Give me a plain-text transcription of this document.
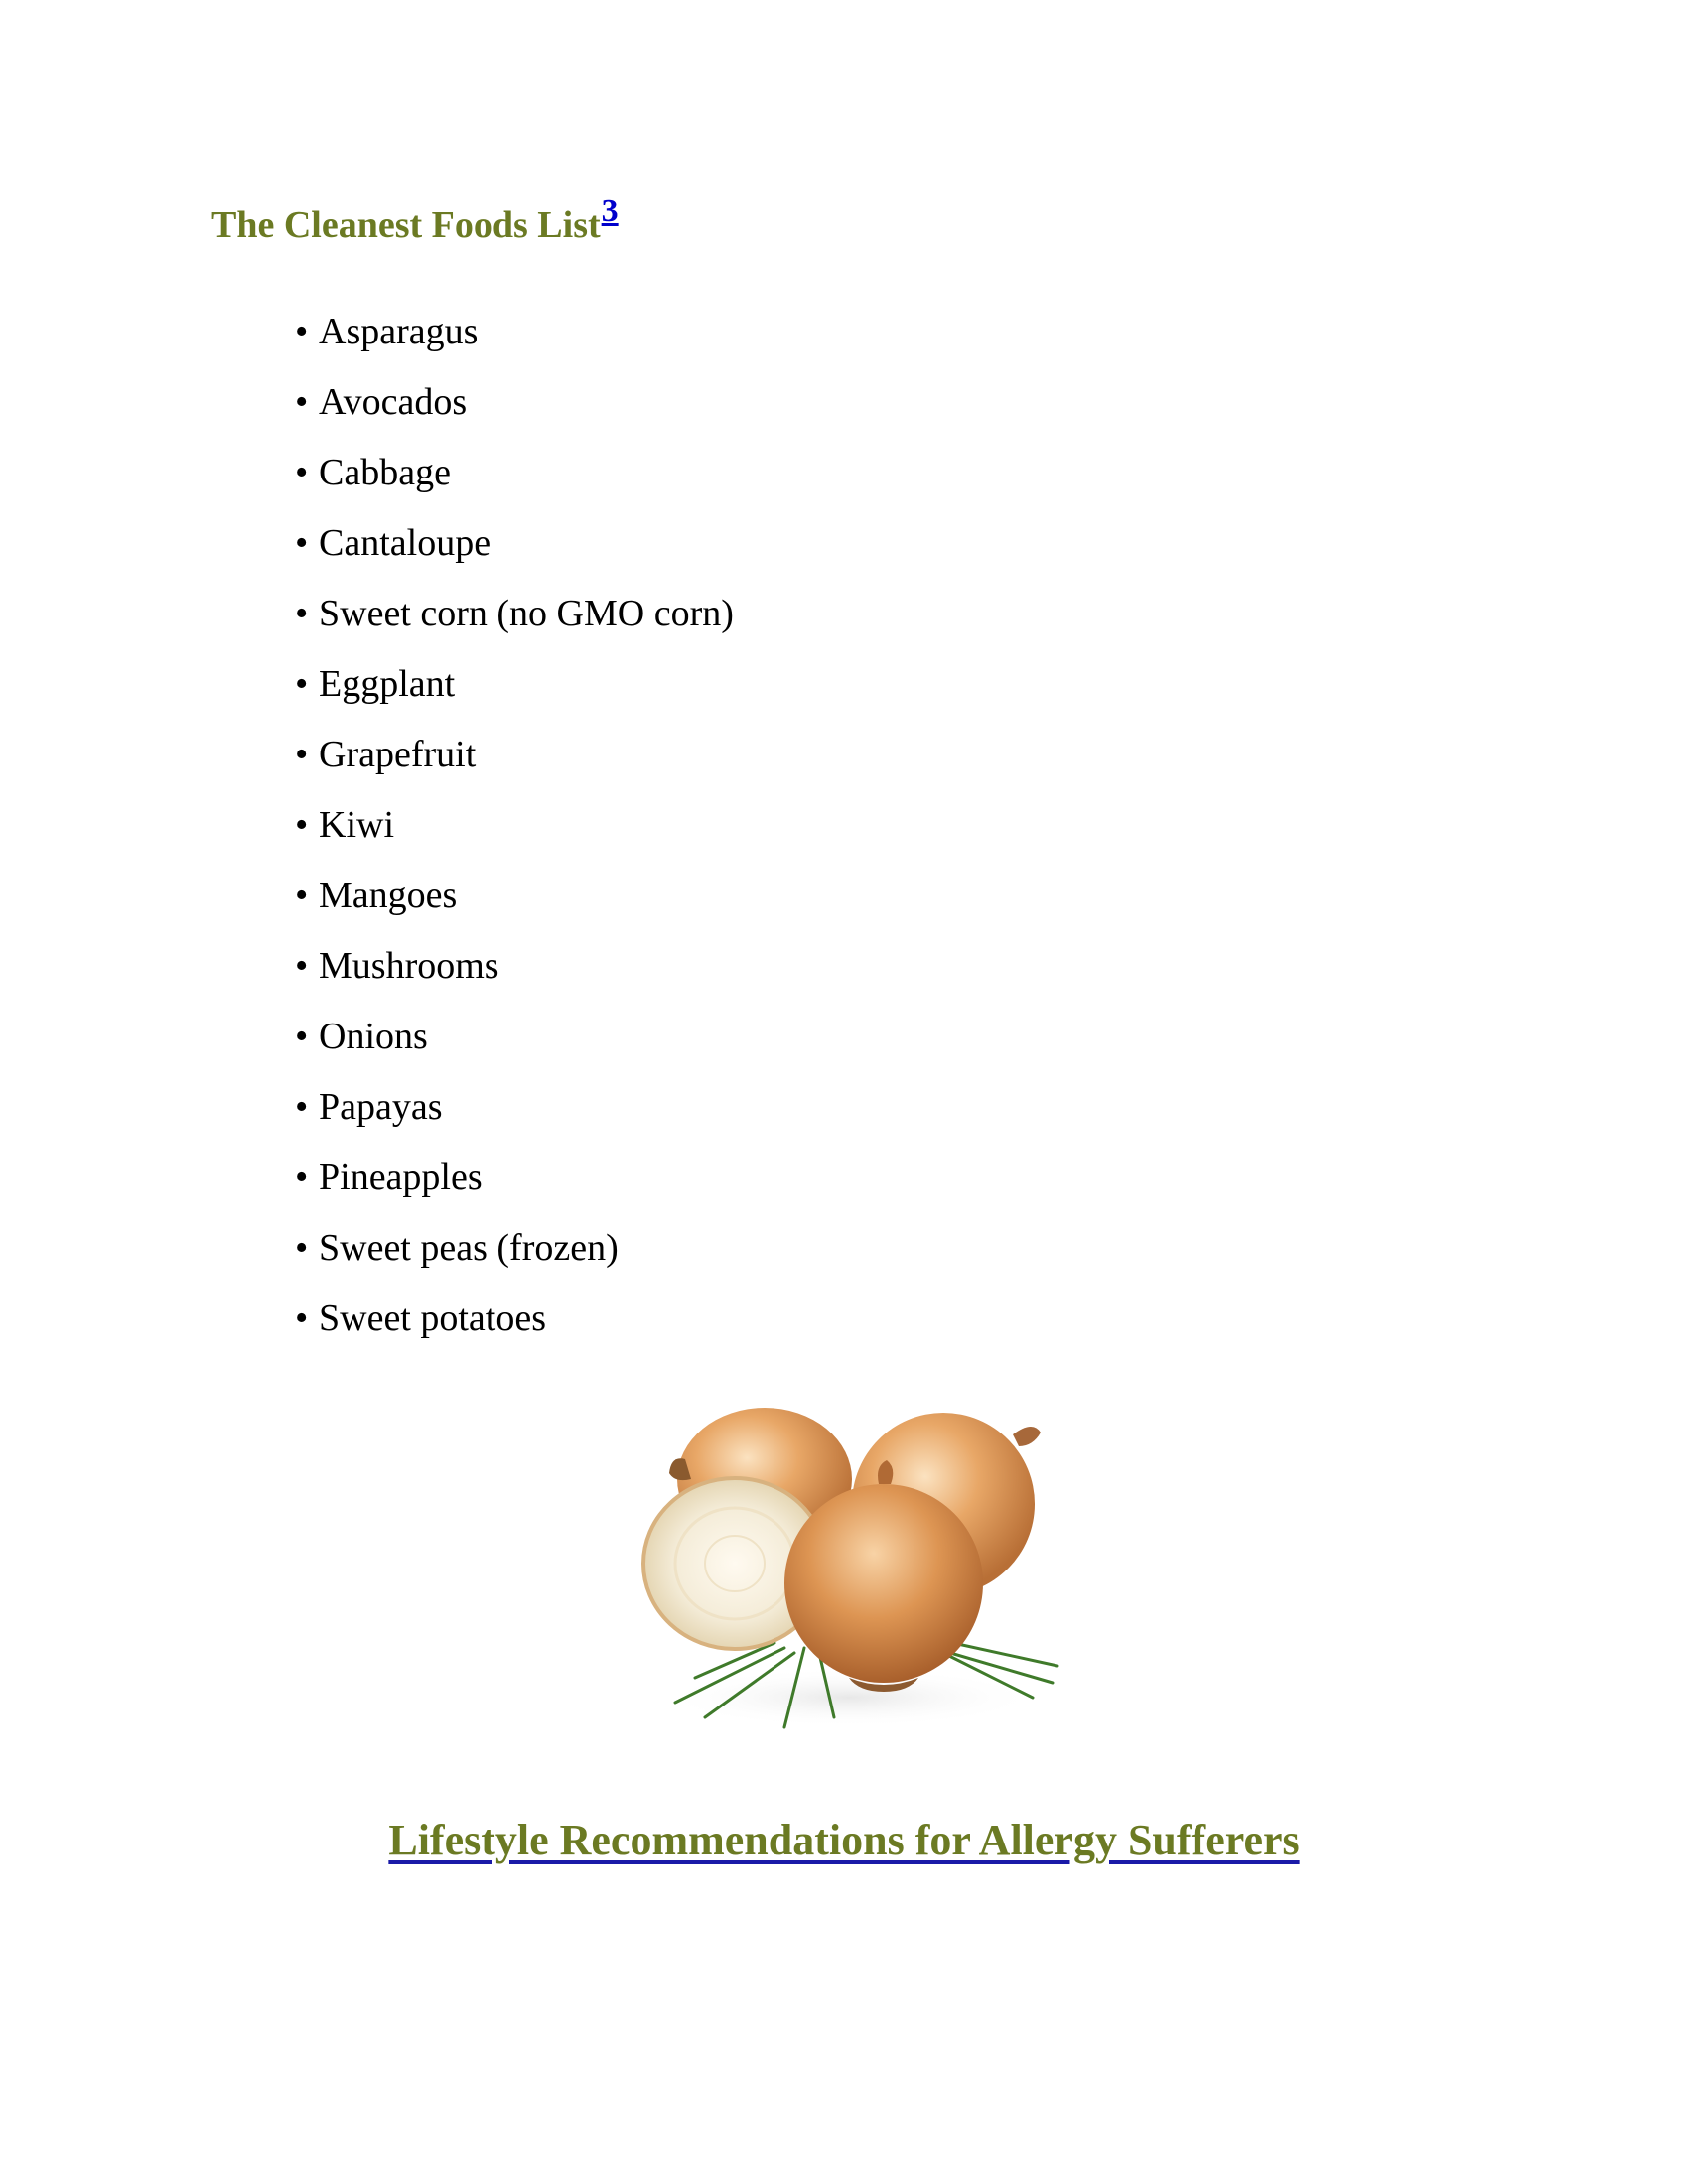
The Cleanest Foods List3
• Asparagus
• Avocados
• Cabbage
• Cantaloupe
• Sweet corn (no GMO corn)
• Eggplant
• Grapefruit
• Kiwi
• Mangoes
• Mushrooms
• Onions
• Papayas
• Pineapples
• Sweet peas (frozen)
• Sweet potatoes
Lifestyle Recommendations for Allergy Sufferers
